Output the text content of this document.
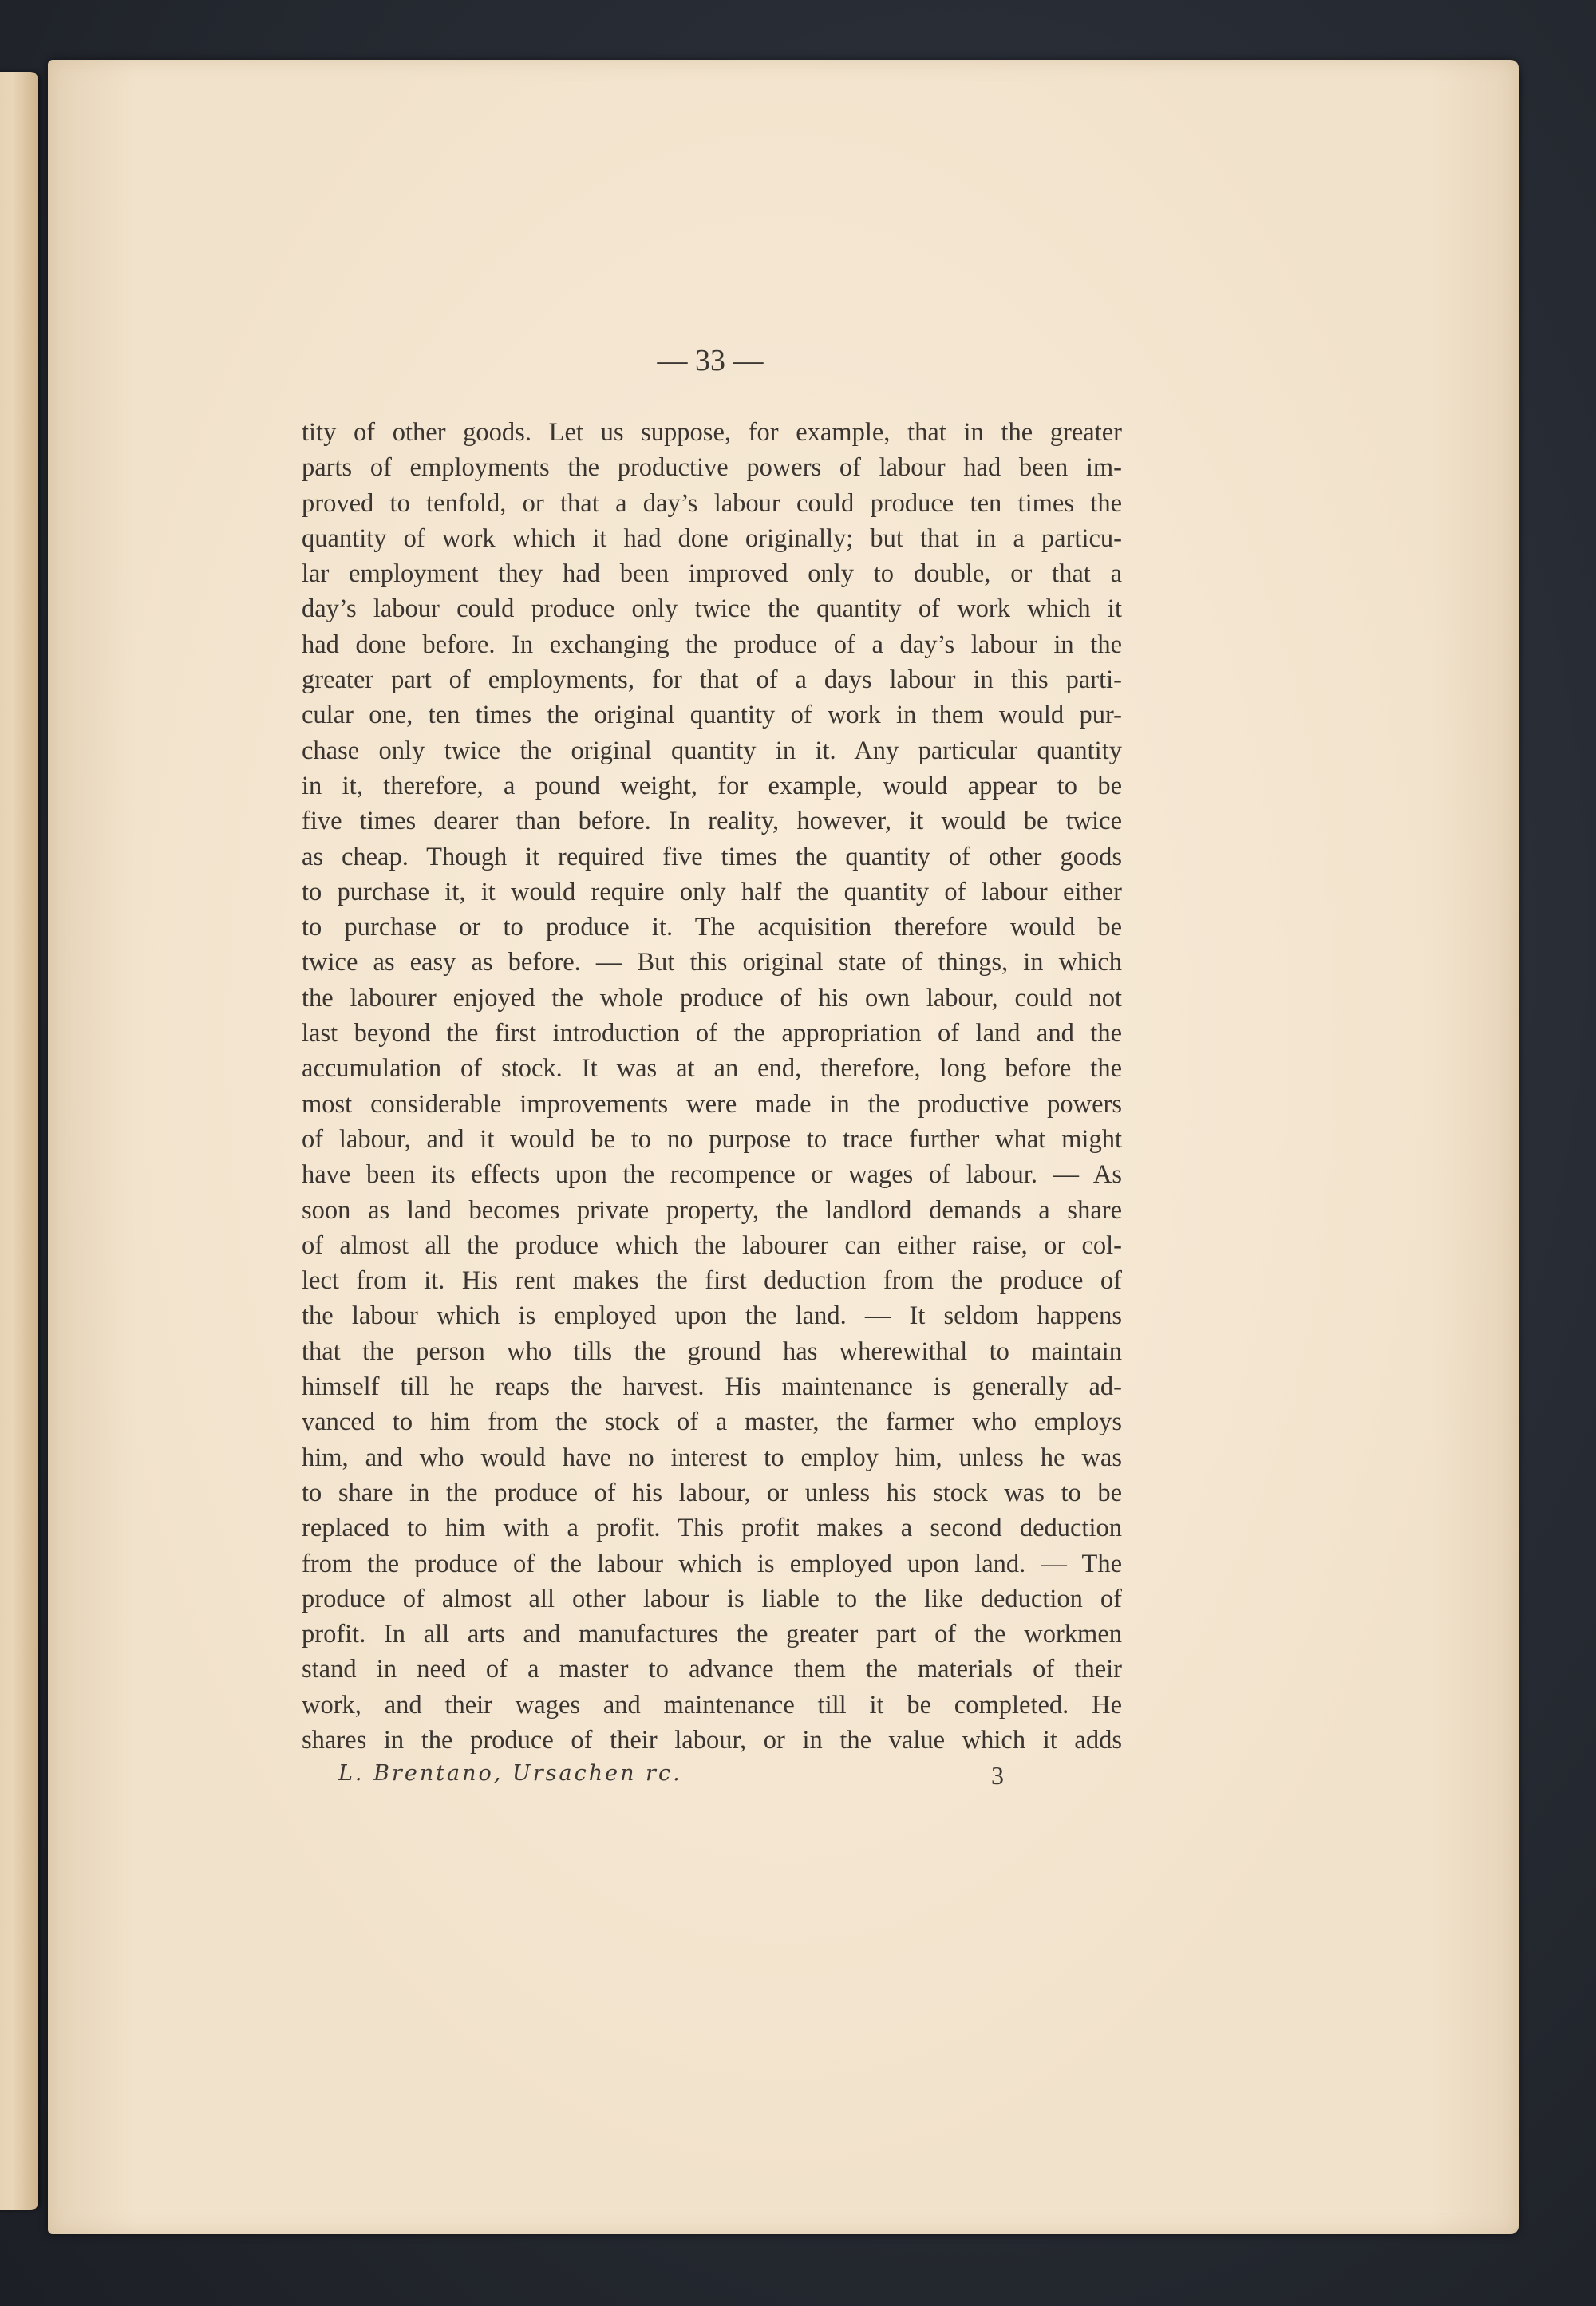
— 33 —
tity of other goods. Let us suppose, for example, that in the greater
parts of employments the productive powers of labour had been im-
proved to tenfold, or that a day’s labour could produce ten times the
quantity of work which it had done originally; but that in a particu-
lar employment they had been improved only to double, or that a
day’s labour could produce only twice the quantity of work which it
had done before. In exchanging the produce of a day’s labour in the
greater part of employments, for that of a days labour in this parti-
cular one, ten times the original quantity of work in them would pur-
chase only twice the original quantity in it. Any particular quantity
in it, therefore, a pound weight, for example, would appear to be
five times dearer than before. In reality, however, it would be twice
as cheap. Though it required five times the quantity of other goods
to purchase it, it would require only half the quantity of labour either
to purchase or to produce it. The acquisition therefore would be
twice as easy as before. — But this original state of things, in which
the labourer enjoyed the whole produce of his own labour, could not
last beyond the first introduction of the appropriation of land and the
accumulation of stock. It was at an end, therefore, long before the
most considerable improvements were made in the productive powers
of labour, and it would be to no purpose to trace further what might
have been its effects upon the recompence or wages of labour. — As
soon as land becomes private property, the landlord demands a share
of almost all the produce which the labourer can either raise, or col-
lect from it. His rent makes the first deduction from the produce of
the labour which is employed upon the land. — It seldom happens
that the person who tills the ground has wherewithal to maintain
himself till he reaps the harvest. His maintenance is generally ad-
vanced to him from the stock of a master, the farmer who employs
him, and who would have no interest to employ him, unless he was
to share in the produce of his labour, or unless his stock was to be
replaced to him with a profit. This profit makes a second deduction
from the produce of the labour which is employed upon land. — The
produce of almost all other labour is liable to the like deduction of
profit. In all arts and manufactures the greater part of the workmen
stand in need of a master to advance them the materials of their
work, and their wages and maintenance till it be completed. He
shares in the produce of their labour, or in the value which it adds
L. Brentano, Ursachen rc.	3
